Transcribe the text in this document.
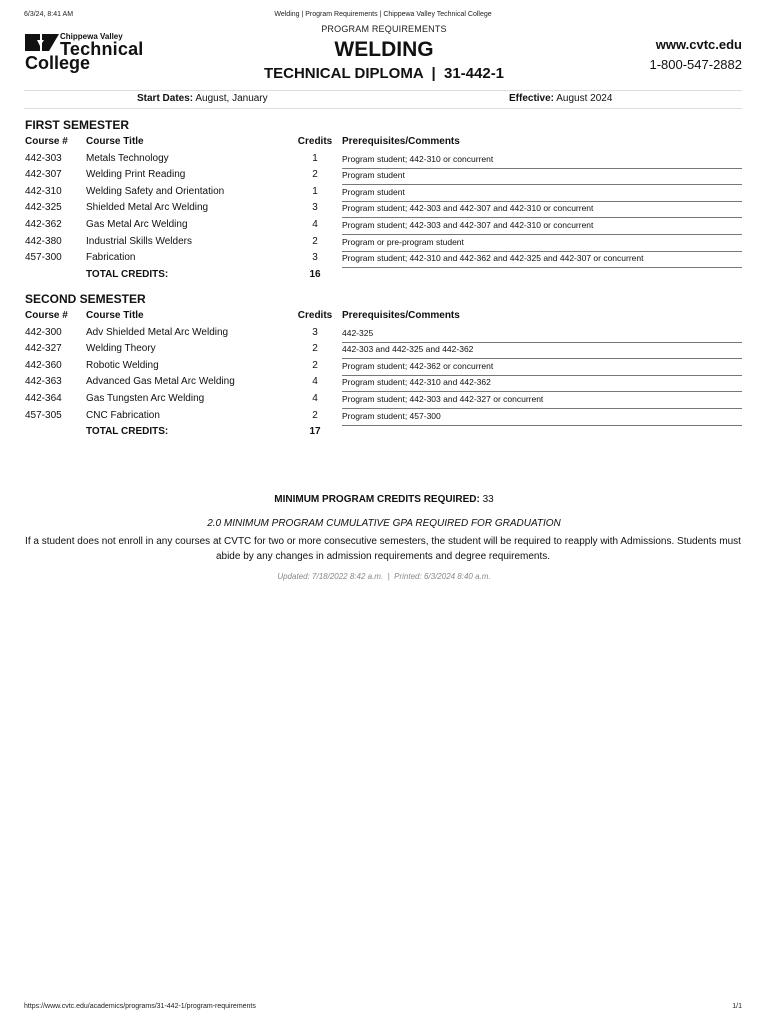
6/3/24, 8:41 AM	Welding | Program Requirements | Chippewa Valley Technical College
Chippewa Valley
Technical
College
PROGRAM REQUIREMENTS
WELDING
TECHNICAL DIPLOMA  |  31-442-1
www.cvtc.edu
1-800-547-2882
Start Dates: August, January	Effective: August 2024
FIRST SEMESTER
Course # Course Title	Credits Prerequisites/Comments
442-303 Metals Technology	1	Program student; 442-310 or concurrent
442-307 Welding Print Reading	2	Program student
442-310 Welding Safety and Orientation	1	Program student
442-325 Shielded Metal Arc Welding	3	Program student; 442-303 and 442-307 and 442-310 or concurrent
442-362 Gas Metal Arc Welding	4	Program student; 442-303 and 442-307 and 442-310 or concurrent
442-380 Industrial Skills Welders	2	Program or pre-program student
457-300 Fabrication	3	Program student; 442-310 and 442-362 and 442-325 and 442-307 or concurrent
TOTAL CREDITS:	16
SECOND SEMESTER
Course # Course Title	Credits Prerequisites/Comments
442-300 Adv Shielded Metal Arc Welding	3	442-325
442-327 Welding Theory	2	442-303 and 442-325 and 442-362
442-360 Robotic Welding	2	Program student; 442-362 or concurrent
442-363 Advanced Gas Metal Arc Welding	4	Program student; 442-310 and 442-362
442-364 Gas Tungsten Arc Welding	4	Program student; 442-303 and 442-327 or concurrent
457-305 CNC Fabrication	2	Program student; 457-300
TOTAL CREDITS:	17
MINIMUM PROGRAM CREDITS REQUIRED: 33
2.0 MINIMUM PROGRAM CUMULATIVE GPA REQUIRED FOR GRADUATION
If a student does not enroll in any courses at CVTC for two or more consecutive semesters, the student will be required to reapply with Admissions. Students must abide by any changes in admission requirements and degree requirements.
Updated: 7/18/2022 8:42 a.m.  |  Printed: 6/3/2024 8:40 a.m.
https://www.cvtc.edu/academics/programs/31-442-1/program-requirements	1/1
